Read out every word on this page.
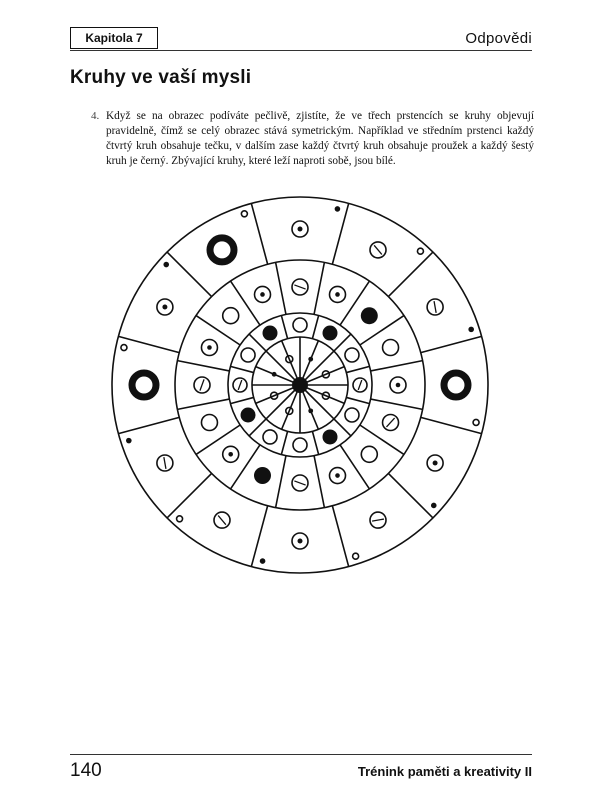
Kapitola 7	Odpovědi
Kruhy ve vaší mysli
4. Když se na obrazec podíváte pečlivě, zjistíte, že ve třech prstencích se kruhy objevují pravidelně, čímž se celý obrazec stává symetrickým. Například ve středním prstenci každý čtvrtý kruh obsahuje tečku, v dalším zase každý čtvrtý kruh obsahuje proužek a každý šestý kruh je černý. Zbývající kruhy, které leží naproti sobě, jsou bílé.

140	Trénink paměti a kreativity II
